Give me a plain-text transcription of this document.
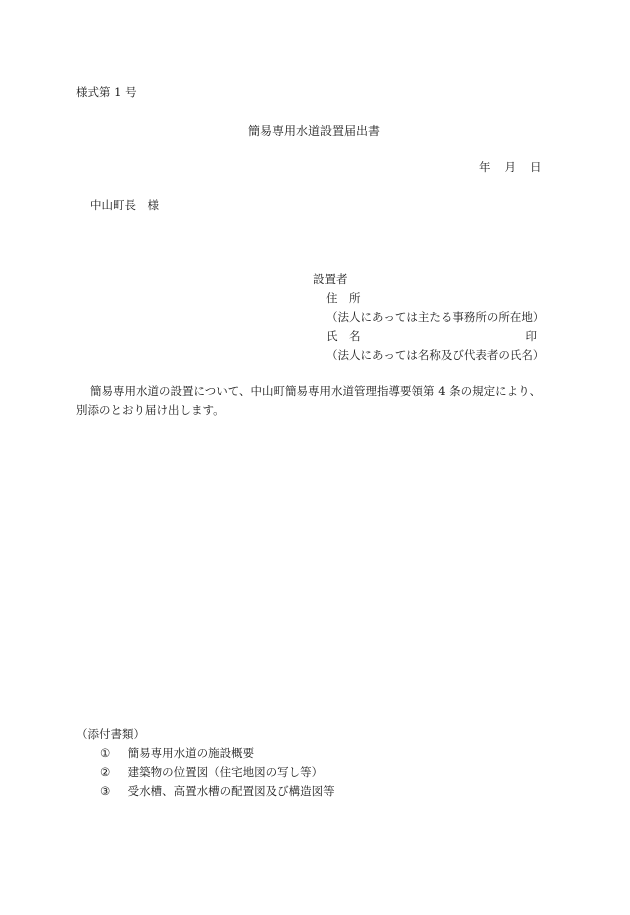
様式第 1 号
簡易専用水道設置届出書
年 月 日
中山町長　様
設置者
住　所
（法人にあっては主たる事務所の所在地）
氏　名	印
（法人にあっては名称及び代表者の氏名）
簡易専用水道の設置について、中山町簡易専用水道管理指導要領第 4 条の規定により、
別添のとおり届け出します。
（添付書類）
① 簡易専用水道の施設概要
② 建築物の位置図（住宅地図の写し等）
③ 受水槽、高置水槽の配置図及び構造図等
